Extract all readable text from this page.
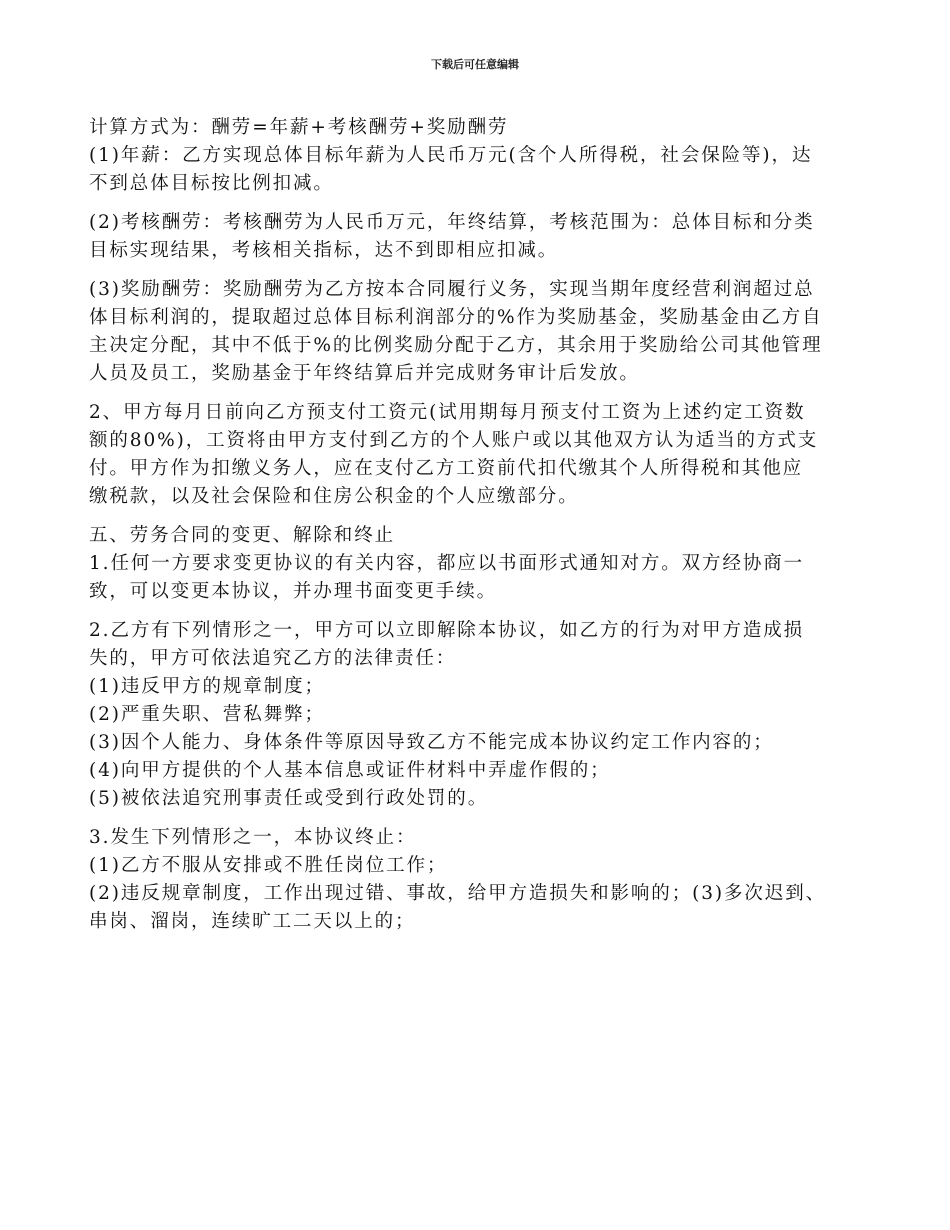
下载后可任意编辑
计算方式为：酬劳=年薪+考核酬劳+奖励酬劳
(1)年薪：乙方实现总体目标年薪为人民币万元(含个人所得税，社会保险等)，达
不到总体目标按比例扣减。
(2)考核酬劳：考核酬劳为人民币万元，年终结算，考核范围为：总体目标和分类
目标实现结果，考核相关指标，达不到即相应扣减。
(3)奖励酬劳：奖励酬劳为乙方按本合同履行义务，实现当期年度经营利润超过总
体目标利润的，提取超过总体目标利润部分的%作为奖励基金，奖励基金由乙方自
主决定分配，其中不低于%的比例奖励分配于乙方，其余用于奖励给公司其他管理
人员及员工，奖励基金于年终结算后并完成财务审计后发放。
2、甲方每月日前向乙方预支付工资元(试用期每月预支付工资为上述约定工资数
额的80%)，工资将由甲方支付到乙方的个人账户或以其他双方认为适当的方式支
付。甲方作为扣缴义务人，应在支付乙方工资前代扣代缴其个人所得税和其他应
缴税款，以及社会保险和住房公积金的个人应缴部分。
五、劳务合同的变更、解除和终止
1.任何一方要求变更协议的有关内容，都应以书面形式通知对方。双方经协商一
致，可以变更本协议，并办理书面变更手续。
2.乙方有下列情形之一，甲方可以立即解除本协议，如乙方的行为对甲方造成损
失的，甲方可依法追究乙方的法律责任：
(1)违反甲方的规章制度；
(2)严重失职、营私舞弊；
(3)因个人能力、身体条件等原因导致乙方不能完成本协议约定工作内容的；
(4)向甲方提供的个人基本信息或证件材料中弄虚作假的；
(5)被依法追究刑事责任或受到行政处罚的。
3.发生下列情形之一，本协议终止：
(1)乙方不服从安排或不胜任岗位工作；
(2)违反规章制度，工作出现过错、事故，给甲方造损失和影响的；(3)多次迟到、
串岗、溜岗，连续旷工二天以上的；
